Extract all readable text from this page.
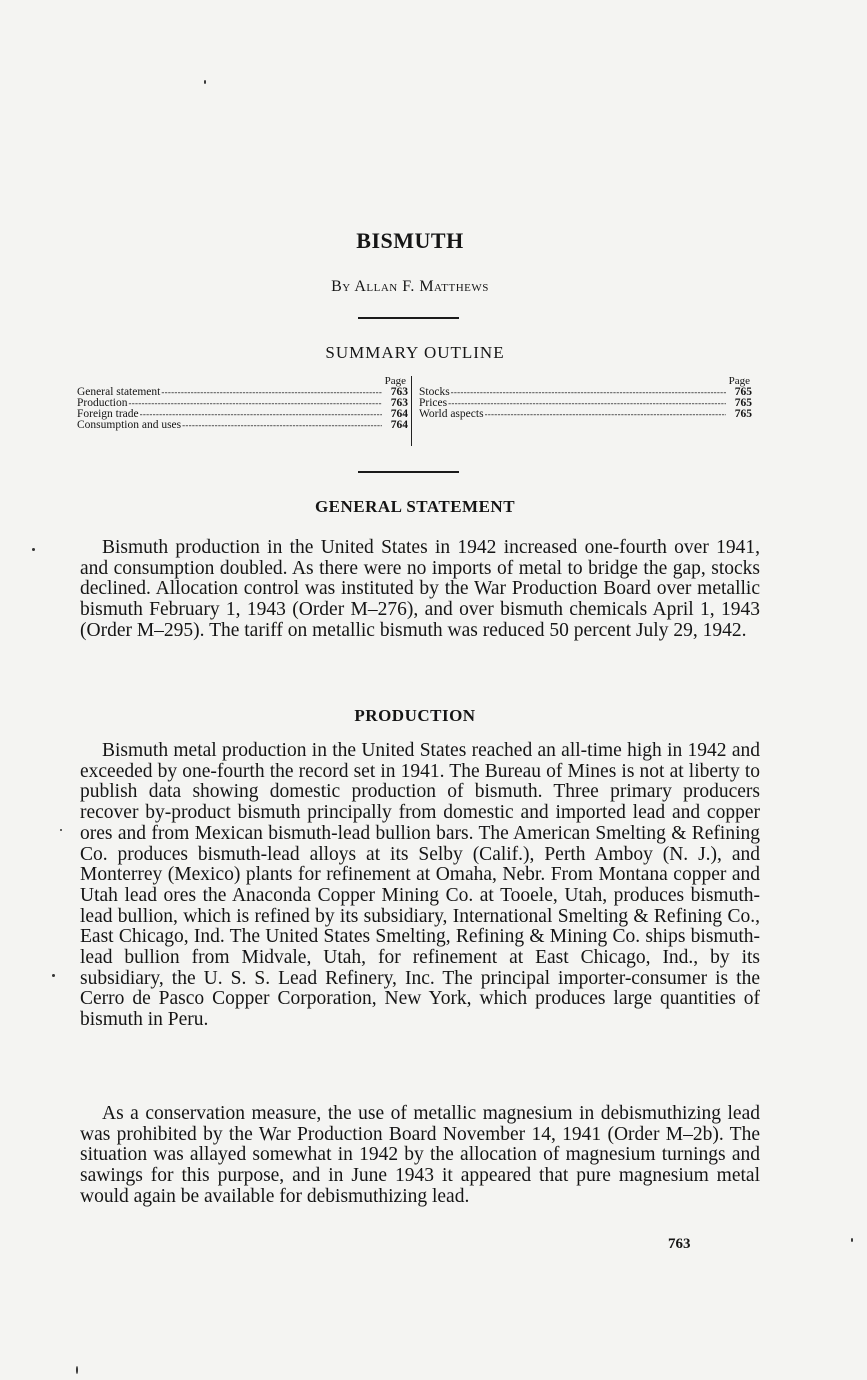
BISMUTH
By Allan F. Matthews
SUMMARY OUTLINE
Page
General statement - - -	763
Production - - -	763
Foreign trade - - -	764
Consumption and uses - - -	764
Page
Stocks - - -	765
Prices - - -	765
World aspects - - -	765
GENERAL STATEMENT

Bismuth production in the United States in 1942 increased one-fourth over 1941, and consumption doubled. As there were no imports of metal to bridge the gap, stocks declined. Allocation control was instituted by the War Production Board over metallic bismuth February 1, 1943 (Order M–276), and over bismuth chemicals April 1, 1943 (Order M–295). The tariff on metallic bismuth was reduced 50 percent July 29, 1942.

PRODUCTION

Bismuth metal production in the United States reached an all-time high in 1942 and exceeded by one-fourth the record set in 1941. The Bureau of Mines is not at liberty to publish data showing domestic production of bismuth. Three primary producers recover by-product bismuth principally from domestic and imported lead and copper ores and from Mexican bismuth-lead bullion bars. The American Smelting & Refining Co. produces bismuth-lead alloys at its Selby (Calif.), Perth Amboy (N. J.), and Monterrey (Mexico) plants for refinement at Omaha, Nebr. From Montana copper and Utah lead ores the Anaconda Copper Mining Co. at Tooele, Utah, produces bismuth-lead bullion, which is refined by its subsidiary, International Smelting & Refining Co., East Chicago, Ind. The United States Smelting, Refining & Mining Co. ships bismuth-lead bullion from Midvale, Utah, for refinement at East Chicago, Ind., by its subsidiary, the U. S. S. Lead Refinery, Inc. The principal importer-consumer is the Cerro de Pasco Copper Corporation, New York, which produces large quantities of bismuth in Peru.

As a conservation measure, the use of metallic magnesium in debismuthizing lead was prohibited by the War Production Board November 14, 1941 (Order M–2b). The situation was allayed somewhat in 1942 by the allocation of magnesium turnings and sawings for this purpose, and in June 1943 it appeared that pure magnesium metal would again be available for debismuthizing lead.

763
